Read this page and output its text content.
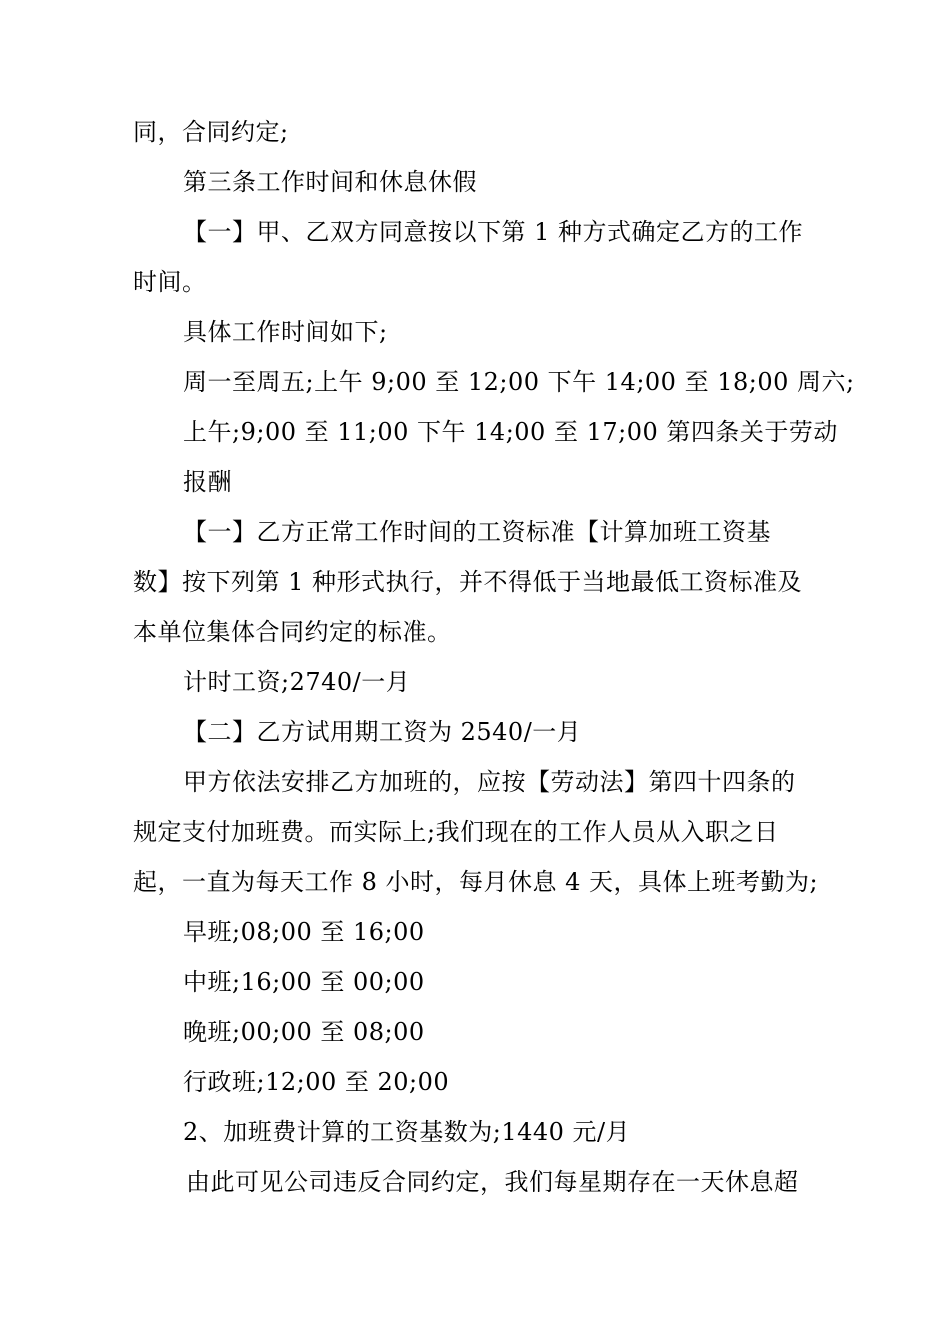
同，合同约定;
第三条工作时间和休息休假
【一】甲、乙双方同意按以下第 1 种方式确定乙方的工作
时间。
具体工作时间如下;
周一至周五;上午 9;00 至 12;00 下午 14;00 至 18;00 周六;
上午;9;00 至 11;00 下午 14;00 至 17;00 第四条关于劳动
报酬
【一】乙方正常工作时间的工资标准【计算加班工资基
数】按下列第 1 种形式执行，并不得低于当地最低工资标准及
本单位集体合同约定的标准。
计时工资;2740/一月
【二】乙方试用期工资为 2540/一月
甲方依法安排乙方加班的，应按【劳动法】第四十四条的
规定支付加班费。而实际上;我们现在的工作人员从入职之日
起，一直为每天工作 8 小时，每月休息 4 天，具体上班考勤为;
早班;08;00 至 16;00
中班;16;00 至 00;00
晚班;00;00 至 08;00
行政班;12;00 至 20;00
2、加班费计算的工资基数为;1440 元/月
由此可见公司违反合同约定，我们每星期存在一天休息超
